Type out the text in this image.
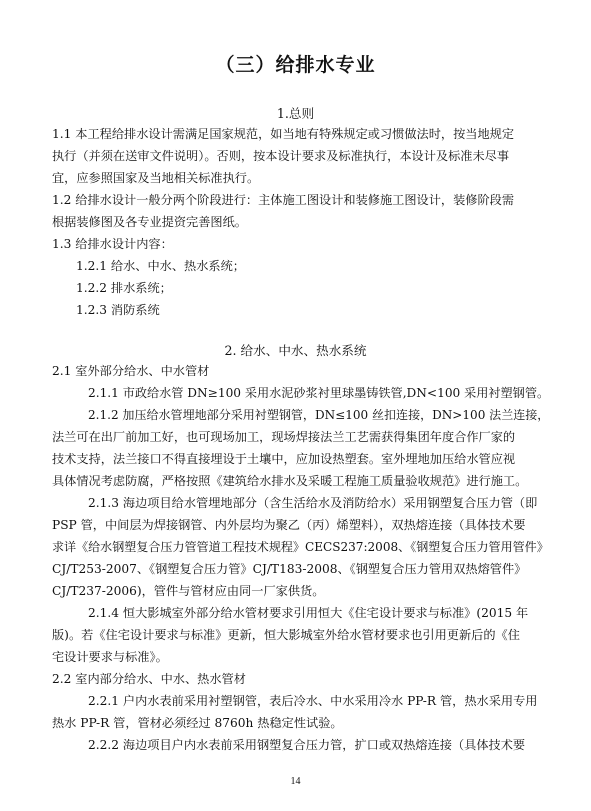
（三）给排水专业
1.总则
1.1 本工程给排水设计需满足国家规范，如当地有特殊规定或习惯做法时，按当地规定
执行（并须在送审文件说明）。否则，按本设计要求及标准执行，本设计及标准未尽事
宜，应参照国家及当地相关标准执行。
1.2 给排水设计一般分两个阶段进行：主体施工图设计和装修施工图设计，装修阶段需
根据装修图及各专业提资完善图纸。
1.3 给排水设计内容：
1.2.1 给水、中水、热水系统；
1.2.2 排水系统；
1.2.3 消防系统
2. 给水、中水、热水系统
2.1 室外部分给水、中水管材
2.1.1 市政给水管 DN≥100 采用水泥砂浆衬里球墨铸铁管,DN<100 采用衬塑钢管。
2.1.2 加压给水管埋地部分采用衬塑钢管，DN≤100 丝扣连接，DN>100 法兰连接，
法兰可在出厂前加工好，也可现场加工，现场焊接法兰工艺需获得集团年度合作厂家的
技术支持，法兰接口不得直接埋设于土壤中，应加设热塑套。室外埋地加压给水管应视
具体情况考虑防腐，严格按照《建筑给水排水及采暖工程施工质量验收规范》进行施工。
2.1.3 海边项目给水管埋地部分（含生活给水及消防给水）采用钢塑复合压力管（即
PSP 管，中间层为焊接钢管、内外层均为聚乙（丙）烯塑料），双热熔连接（具体技术要
求详《给水钢塑复合压力管管道工程技术规程》CECS237:2008、《钢塑复合压力管用管件》
CJ/T253-2007、《钢塑复合压力管》CJ/T183-2008、《钢塑复合压力管用双热熔管件》
CJ/T237-2006)，管件与管材应由同一厂家供货。
2.1.4 恒大影城室外部分给水管材要求引用恒大《住宅设计要求与标准》(2015 年
版)。若《住宅设计要求与标准》更新，恒大影城室外给水管材要求也引用更新后的《住
宅设计要求与标准》。
2.2 室内部分给水、中水、热水管材
2.2.1 户内水表前采用衬塑钢管，表后冷水、中水采用冷水 PP-R 管，热水采用专用
热水 PP-R 管，管材必须经过 8760h 热稳定性试验。
2.2.2 海边项目户内水表前采用钢塑复合压力管，扩口或双热熔连接（具体技术要
14
